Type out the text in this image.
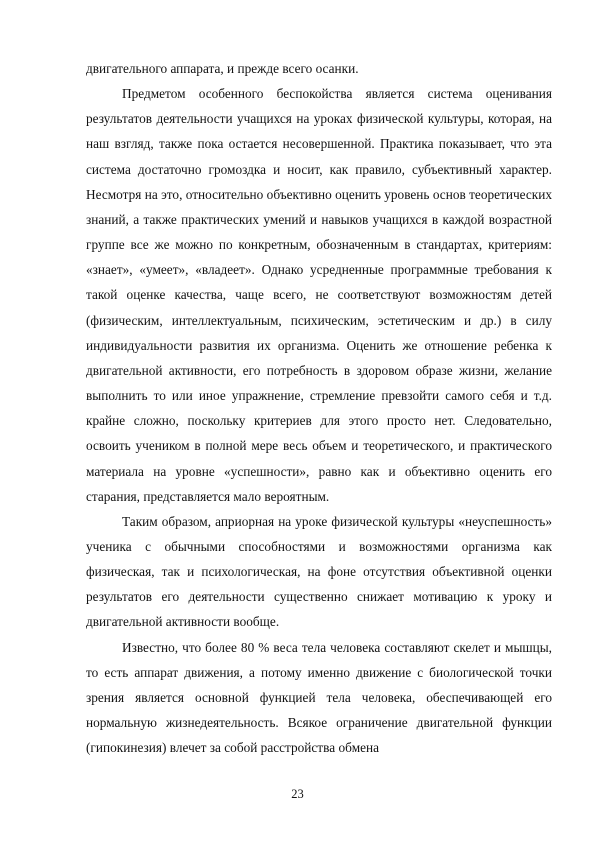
двигательного аппарата, и прежде всего осанки.

Предметом особенного беспокойства является система оценивания результатов деятельности учащихся на уроках физической культуры, которая, на наш взгляд, также пока остается несовершенной. Практика показывает, что эта система достаточно громоздка и носит, как правило, субъективный характер. Несмотря на это, относительно объективно оценить уровень основ теоретических знаний, а также практических умений и навыков учащихся в каждой возрастной группе все же можно по конкретным, обозначенным в стандартах, критериям: «знает», «умеет», «владеет». Однако усредненные программные требования к такой оценке качества, чаще всего, не соответствуют возможностям детей (физическим, интеллектуальным, психическим, эстетическим и др.) в силу индивидуальности развития их организма. Оценить же отношение ребенка к двигательной активности, его потребность в здоровом образе жизни, желание выполнить то или иное упражнение, стремление превзойти самого себя и т.д. крайне сложно, поскольку критериев для этого просто нет. Следовательно, освоить учеником в полной мере весь объем и теоретического, и практического материала на уровне «успешности», равно как и объективно оценить его старания, представляется мало вероятным.

Таким образом, априорная на уроке физической культуры «неуспешность» ученика с обычными способностями и возможностями организма как физическая, так и психологическая, на фоне отсутствия объективной оценки результатов его деятельности существенно снижает мотивацию к уроку и двигательной активности вообще.

Известно, что более 80 % веса тела человека составляют скелет и мышцы, то есть аппарат движения, а потому именно движение с биологической точки зрения является основной функцией тела человека, обеспечивающей его нормальную жизнедеятельность. Всякое ограничение двигательной функции (гипокинезия) влечет за собой расстройства обмена

23
